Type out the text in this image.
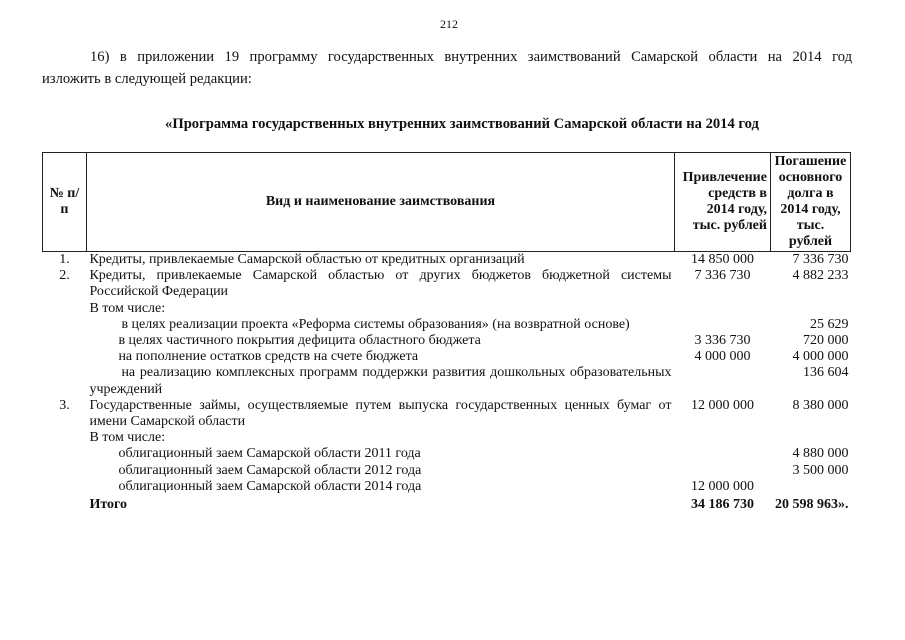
212
16) в приложении 19 программу государственных внутренних заимствований Самарской области на 2014 год
изложить в следующей редакции:
«Программа государственных внутренних заимствований Самарской области на 2014 год
№ п/п	Вид и наименование заимствования	Привлечение средств в 2014 году, тыс. рублей	Погашение основного долга в 2014 году, тыс. рублей
1.	Кредиты, привлекаемые Самарской областью от кредитных организаций	14 850 000	7 336 730
2.	Кредиты, привлекаемые Самарской областью от других бюджетов бюджетной системы Российской Федерации	7 336 730	4 882 233
	В том числе:		
	в целях реализации проекта «Реформа системы образования» (на возвратной основе)		25 629
	в целях частичного покрытия дефицита областного бюджета	3 336 730	720 000
	на пополнение остатков средств на счете бюджета	4 000 000	4 000 000
	на реализацию комплексных программ поддержки развития дошкольных образовательных учреждений		136 604
3.	Государственные займы, осуществляемые путем выпуска государственных ценных бумаг от имени Самарской области	12 000 000	8 380 000
	В том числе:		
	облигационный заем Самарской области 2011 года		4 880 000
	облигационный заем Самарской области 2012 года		3 500 000
	облигационный заем Самарской области 2014 года	12 000 000	
	Итого	34 186 730	20 598 963».
